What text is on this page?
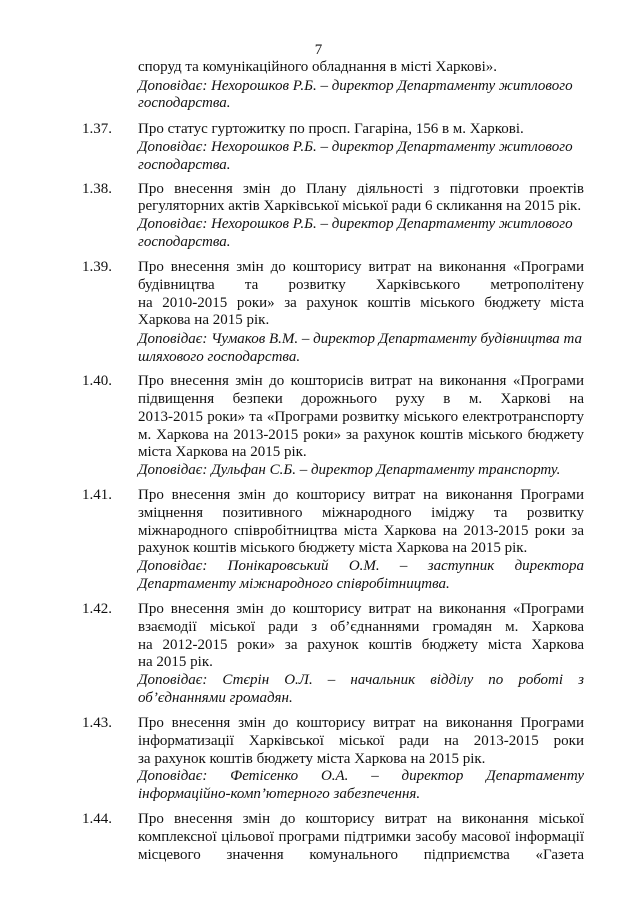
7
споруд та комунікаційного обладнання в місті Харкові».
Доповідає: Нехорошков Р.Б. – директор Департаменту житлового
господарства.
1.37. Про статус гуртожитку по просп. Гагаріна, 156 в м. Харкові.
Доповідає: Нехорошков Р.Б. – директор Департаменту житлового
господарства.
1.38. Про внесення змін до Плану діяльності з підготовки проектів
регуляторних актів Харківської міської ради 6 скликання на 2015 рік.
Доповідає: Нехорошков Р.Б. – директор Департаменту житлового
господарства.
1.39. Про внесення змін до кошторису витрат на виконання «Програми
будівництва та розвитку Харківського метрополітену
на 2010-2015 роки» за рахунок коштів міського бюджету міста
Харкова на 2015 рік.
Доповідає: Чумаков В.М. – директор Департаменту будівництва та
шляхового господарства.
1.40. Про внесення змін до кошторисів витрат на виконання «Програми
підвищення безпеки дорожнього руху в м. Харкові на
2013-2015 роки» та «Програми розвитку міського електротранспорту
м. Харкова на 2013-2015 роки» за рахунок коштів міського бюджету
міста Харкова на 2015 рік.
Доповідає: Дульфан С.Б. – директор Департаменту транспорту.
1.41. Про внесення змін до кошторису витрат на виконання Програми
зміцнення позитивного міжнародного іміджу та розвитку
міжнародного співробітництва міста Харкова на 2013-2015 роки за
рахунок коштів міського бюджету міста Харкова на 2015 рік.
Доповідає: Понікаровський О.М. – заступник директора
Департаменту міжнародного співробітництва.
1.42. Про внесення змін до кошторису витрат на виконання «Програми
взаємодії міської ради з об’єднаннями громадян м. Харкова
на 2012-2015 роки» за рахунок коштів бюджету міста Харкова
на 2015 рік.
Доповідає: Стєрін О.Л. – начальник відділу по роботі з
об’єднаннями громадян.
1.43. Про внесення змін до кошторису витрат на виконання Програми
інформатизації Харківської міської ради на 2013-2015 роки
за рахунок коштів бюджету міста Харкова на 2015 рік.
Доповідає: Фетісенко О.А. – директор Департаменту
інформаційно-комп’ютерного забезпечення.
1.44. Про внесення змін до кошторису витрат на виконання міської
комплексної цільової програми підтримки засобу масової інформації
місцевого значення комунального підприємства «Газета
